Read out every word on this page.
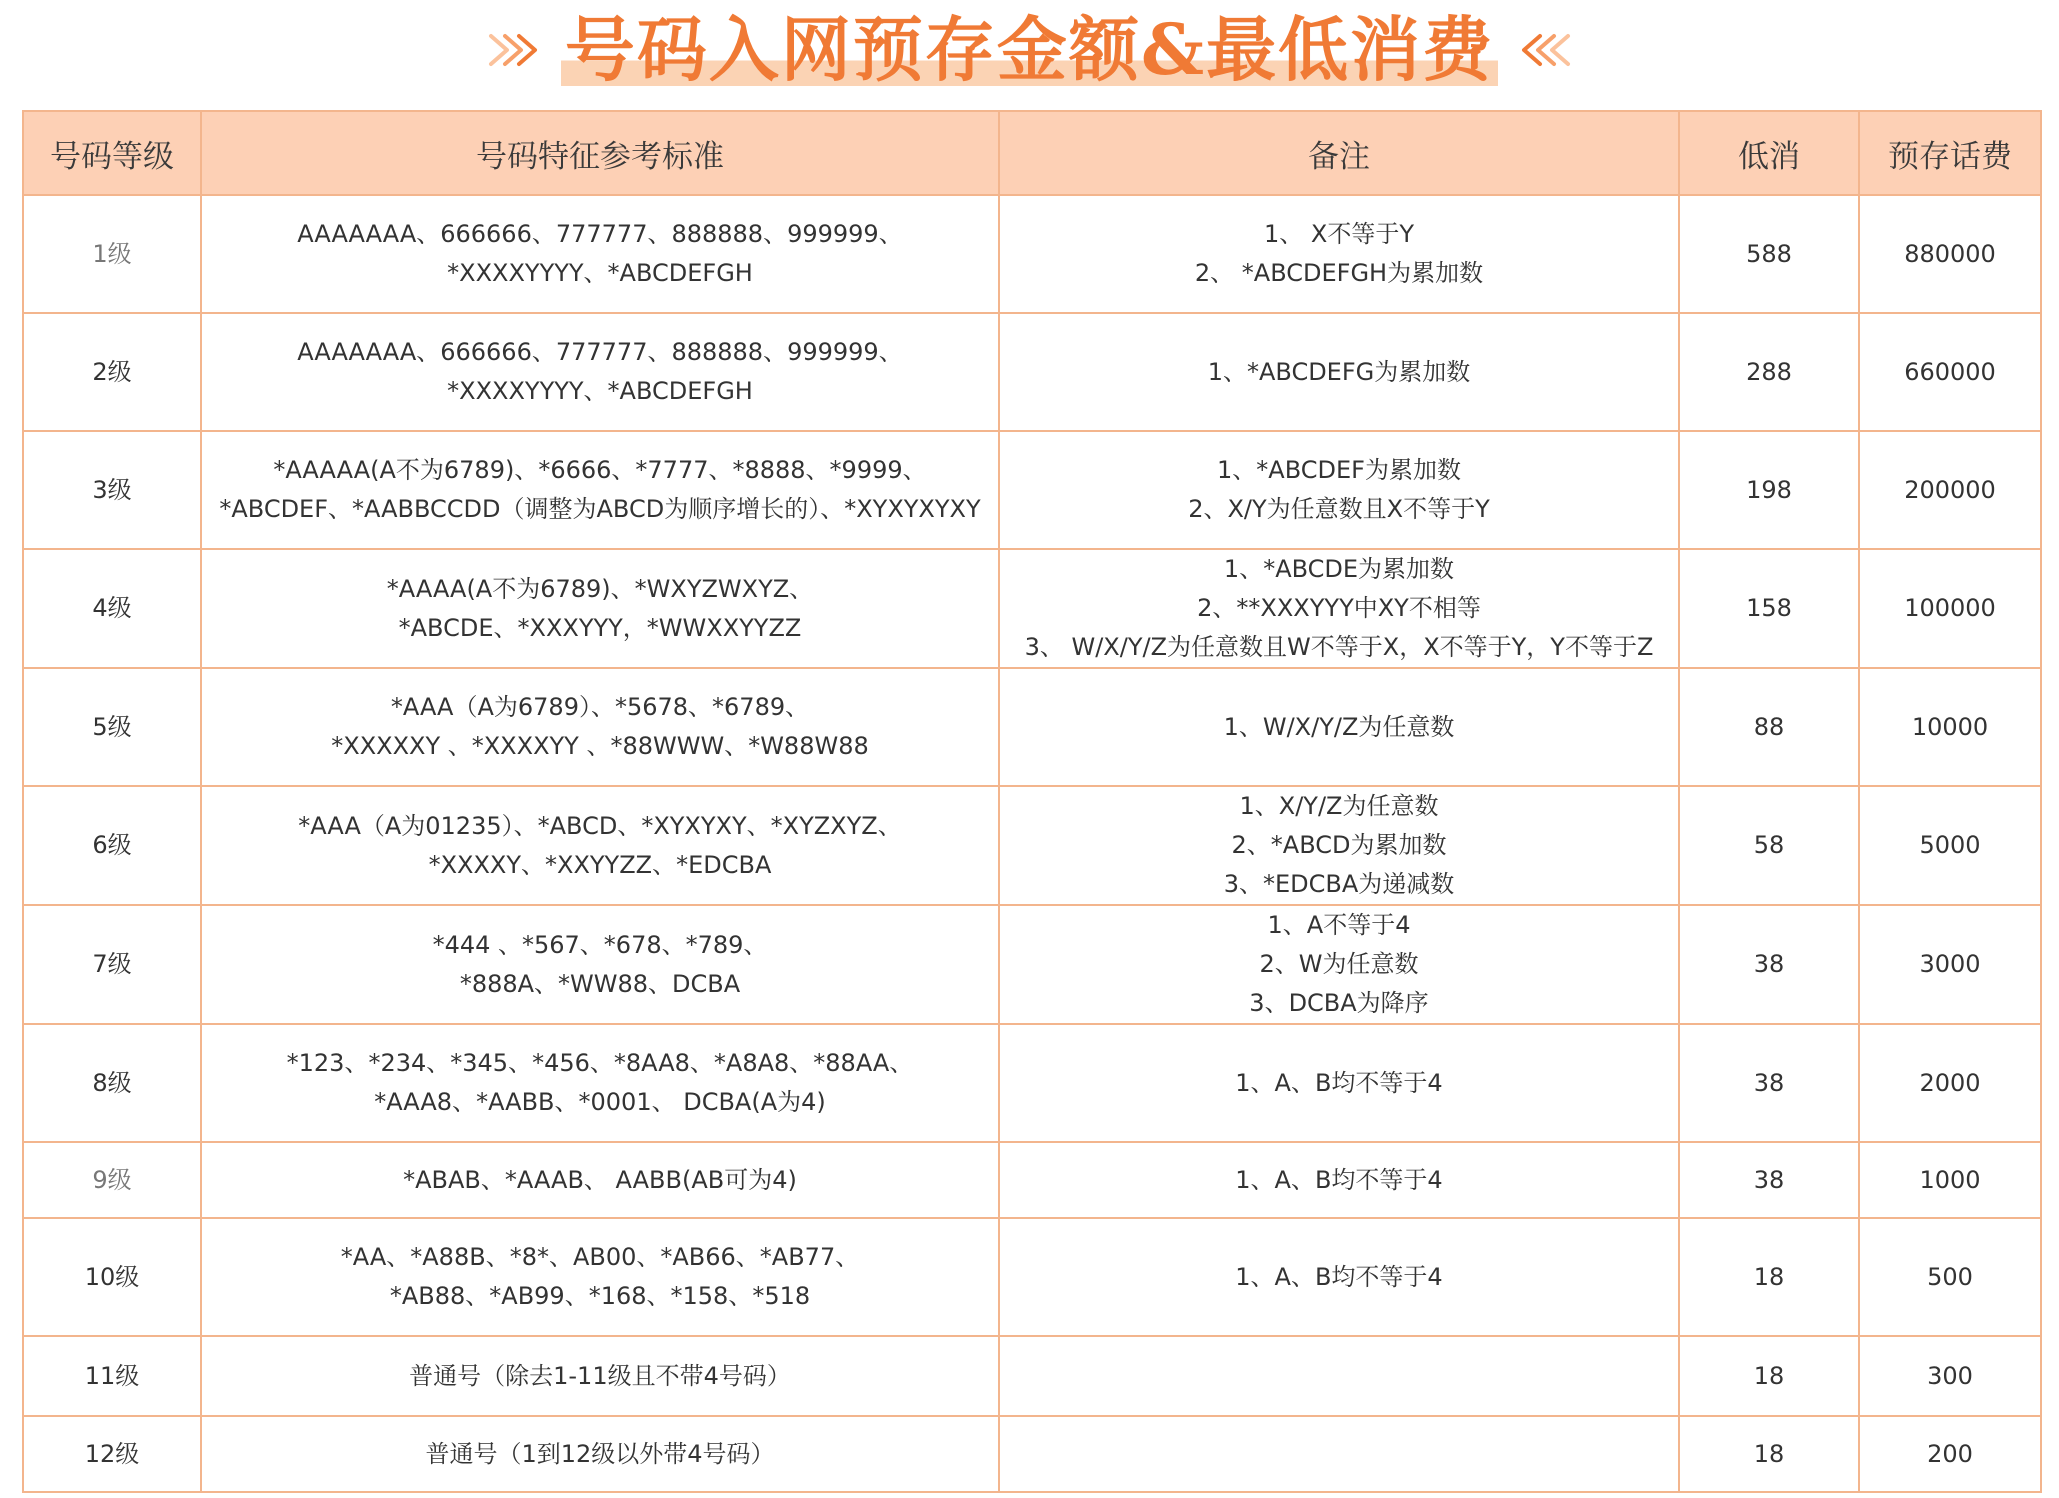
号码入网预存金额&最低消费
号码等级	号码特征参考标准	备注	低消	预存话费
1级	AAAAAAA、666666、777777、888888、999999、
*XXXXYYYY、*ABCDEFGH	1、 X不等于Y
2、 *ABCDEFGH为累加数	588	880000
2级	AAAAAAA、666666、777777、888888、999999、
*XXXXYYYY、*ABCDEFGH	1、*ABCDEFG为累加数	288	660000
3级	*AAAAA(A不为6789)、*6666、*7777、*8888、*9999、
*ABCDEF、*AABBCCDD（调整为ABCD为顺序增长的）、*XYXYXYXY	1、*ABCDEF为累加数
2、X/Y为任意数且X不等于Y	198	200000
4级	*AAAA(A不为6789)、*WXYZWXYZ、
*ABCDE、*XXXYYY，*WWXXYYZZ	1、*ABCDE为累加数
2、**XXXYYY中XY不相等
3、 W/X/Y/Z为任意数且W不等于X，X不等于Y，Y不等于Z	158	100000
5级	*AAA（A为6789）、*5678、*6789、
*XXXXXY 、*XXXXYY 、*88WWW、*W88W88	1、W/X/Y/Z为任意数	88	10000
6级	*AAA（A为01235）、*ABCD、*XYXYXY、*XYZXYZ、
*XXXXY、*XXYYZZ、*EDCBA	1、X/Y/Z为任意数
2、*ABCD为累加数
3、*EDCBA为递减数	58	5000
7级	*444 、*567、*678、*789、
*888A、*WW88、DCBA	1、A不等于4
2、W为任意数
3、DCBA为降序	38	3000
8级	*123、*234、*345、*456、*8AA8、*A8A8、*88AA、
*AAA8、*AABB、*0001、 DCBA(A为4)	1、A、B均不等于4	38	2000
9级	*ABAB、*AAAB、 AABB(AB可为4)	1、A、B均不等于4	38	1000
10级	*AA、*A88B、*8*、AB00、*AB66、*AB77、
*AB88、*AB99、*168、*158、*518	1、A、B均不等于4	18	500
11级	普通号（除去1-11级且不带4号码）		18	300
12级	普通号（1到12级以外带4号码）		18	200
